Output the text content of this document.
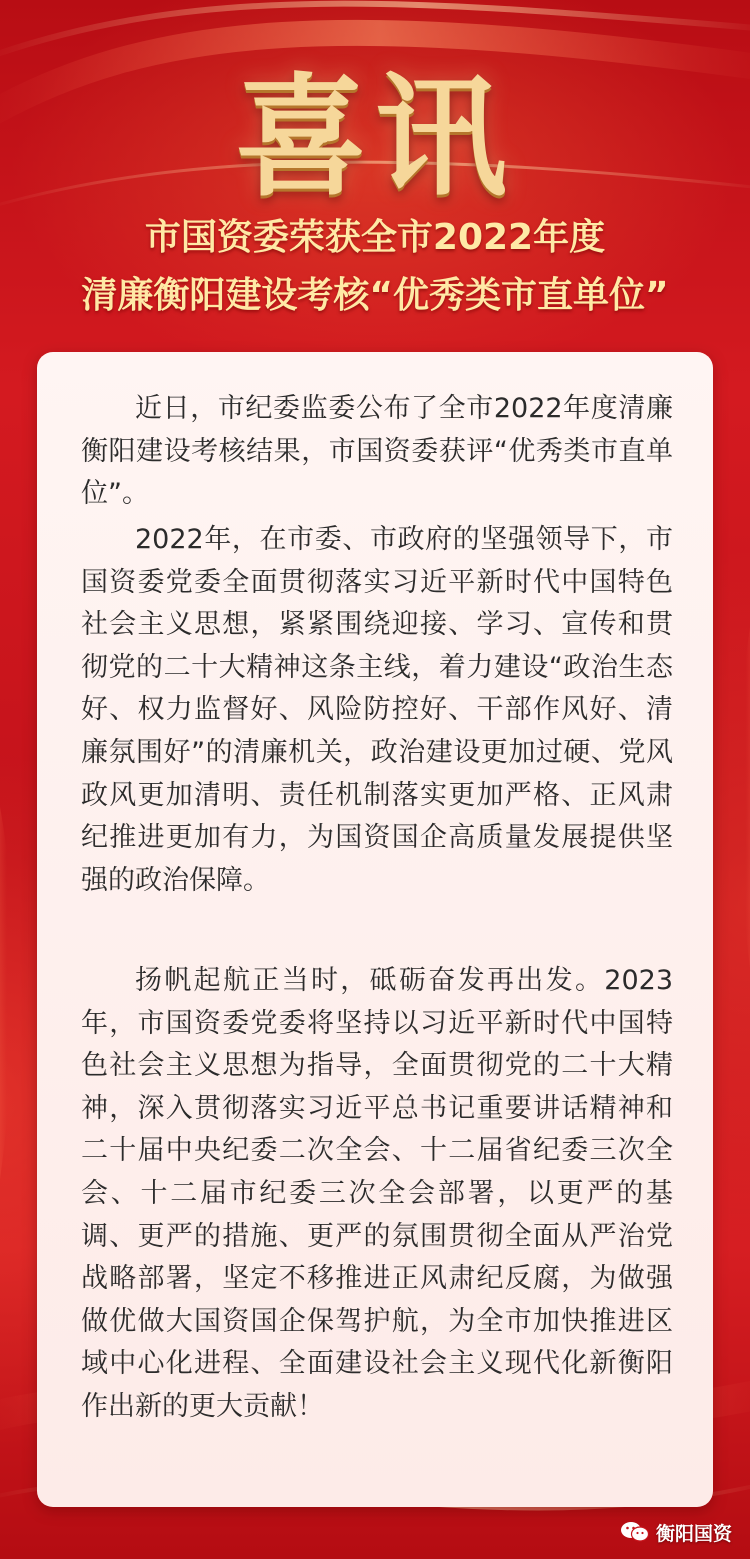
喜讯
市国资委荣获全市2022年度
清廉衡阳建设考核“优秀类市直单位”

近日，市纪委监委公布了全市2022年度清廉衡阳建设考核结果，市国资委获评“优秀类市直单位”。

2022年，在市委、市政府的坚强领导下，市国资委党委全面贯彻落实习近平新时代中国特色社会主义思想，紧紧围绕迎接、学习、宣传和贯彻党的二十大精神这条主线，着力建设“政治生态好、权力监督好、风险防控好、干部作风好、清廉氛围好”的清廉机关，政治建设更加过硬、党风政风更加清明、责任机制落实更加严格、正风肃纪推进更加有力，为国资国企高质量发展提供坚强的政治保障。

扬帆起航正当时，砥砺奋发再出发。2023年，市国资委党委将坚持以习近平新时代中国特色社会主义思想为指导，全面贯彻党的二十大精神，深入贯彻落实习近平总书记重要讲话精神和二十届中央纪委二次全会、十二届省纪委三次全会、十二届市纪委三次全会部署，以更严的基调、更严的措施、更严的氛围贯彻全面从严治党战略部署，坚定不移推进正风肃纪反腐，为做强做优做大国资国企保驾护航，为全市加快推进区域中心化进程、全面建设社会主义现代化新衡阳作出新的更大贡献！

衡阳国资
